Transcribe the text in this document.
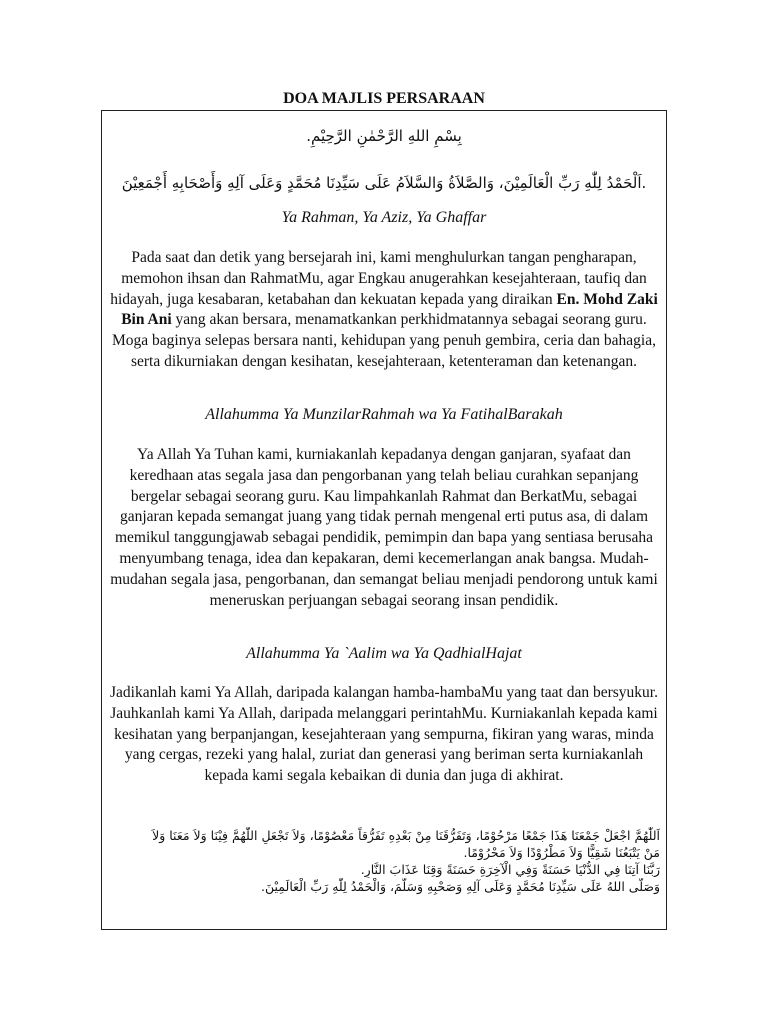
DOA MAJLIS PERSARAAN
بِسْمِ اللهِ الرَّحْمٰنِ الرَّحِيْمِ.
.اَلْحَمْدُ لِلّٰهِ رَبِّ الْعَالَمِيْنَ، وَالصَّلاَةُ وَالسَّلاَمُ عَلَى سَيِّدِنَا مُحَمَّدٍ وَعَلَى آلِهِ وَأَصْحَابِهِ أَجْمَعِيْنَ
Ya Rahman, Ya Aziz, Ya Ghaffar
Pada saat dan detik yang bersejarah ini, kami menghulurkan tangan pengharapan, memohon ihsan dan RahmatMu, agar Engkau anugerahkan kesejahteraan, taufiq dan hidayah, juga kesabaran, ketabahan dan kekuatan kepada yang diraikan En. Mohd Zaki Bin Ani yang akan bersara, menamatkankan perkhidmatannya sebagai seorang guru. Moga baginya selepas bersara nanti, kehidupan yang penuh gembira, ceria dan bahagia, serta dikurniakan dengan kesihatan, kesejahteraan, ketenteraman dan ketenangan.
Allahumma Ya MunzilarRahmah wa Ya FatihalBarakah
Ya Allah Ya Tuhan kami, kurniakanlah kepadanya dengan ganjaran, syafaat dan keredhaan atas segala jasa dan pengorbanan yang telah beliau curahkan sepanjang bergelar sebagai seorang guru. Kau limpahkanlah Rahmat dan BerkatMu, sebagai ganjaran kepada semangat juang yang tidak pernah mengenal erti putus asa, di dalam memikul tanggungjawab sebagai pendidik, pemimpin dan bapa yang sentiasa berusaha menyumbang tenaga, idea dan kepakaran, demi kecemerlangan anak bangsa. Mudah-mudahan segala jasa, pengorbanan, dan semangat beliau menjadi pendorong untuk kami meneruskan perjuangan sebagai seorang insan pendidik.
Allahumma Ya `Aalim wa Ya QadhialHajat
Jadikanlah kami Ya Allah, daripada kalangan hamba-hambaMu yang taat dan bersyukur. Jauhkanlah kami Ya Allah, daripada melanggari perintahMu. Kurniakanlah kepada kami kesihatan yang berpanjangan, kesejahteraan yang sempurna, fikiran yang waras, minda yang cergas, rezeki yang halal, zuriat dan generasi yang beriman serta kurniakanlah kepada kami segala kebaikan di dunia dan juga di akhirat.
اَللّٰهُمَّ اجْعَلْ جَمْعَنَا هَذَا جَمْعًا مَرْحُوْمًا، وَتَفَرُّقَنَا مِنْ بَعْدِهِ تَفَرُّقاً مَعْصُوْمًا، وَلاَ تَجْعَلِ اللّٰهُمَّ فِيْنَا وَلاَ مَعَنَا وَلاَ
مَنْ يَتْبَعُنَا شَقِيًّا وَلاَ مَطْرُوْدًا وَلاَ مَحْرُوْمًا.
رَبَّنَا آتِنَا فِي الدُّنْيَا حَسَنَةً وَفِي الْآخِرَةِ حَسَنَةً وَقِنَا عَذَابَ النَّارِ.
وَصَلَّى اللهُ عَلَى سَيِّدِنَا مُحَمَّدٍ وَعَلَى آلِهِ وَصَحْبِهِ وَسَلَّمَ، وَالْحَمْدُ لِلّٰهِ رَبِّ الْعَالَمِيْنَ.
